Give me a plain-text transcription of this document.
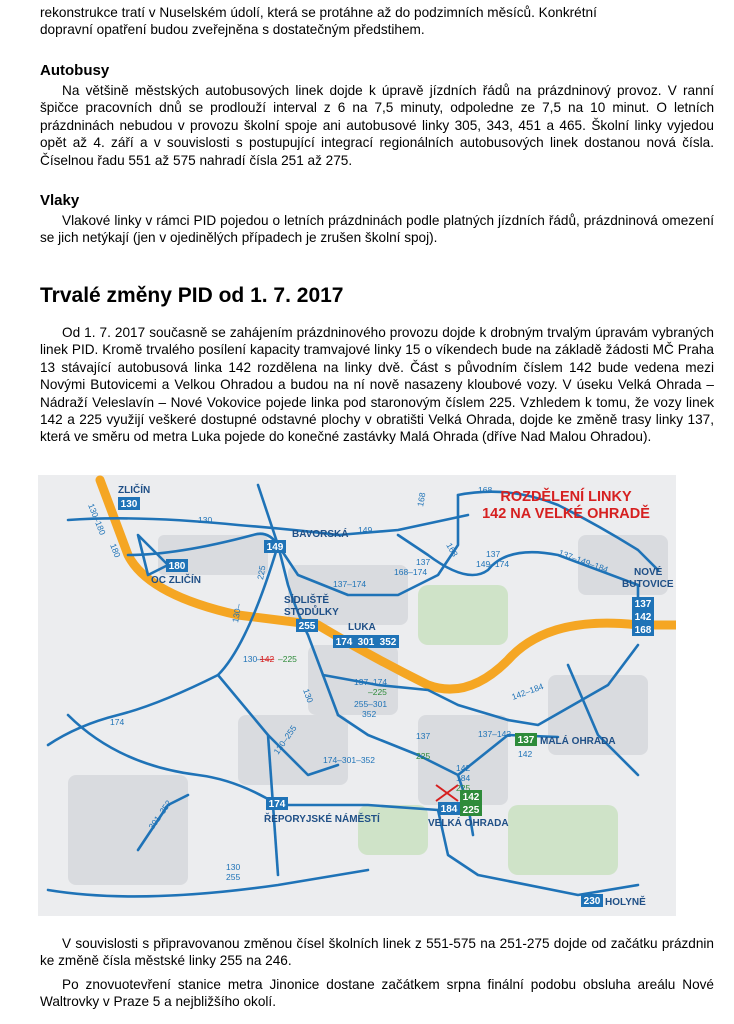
rekonstrukce tratí v Nuselském údolí, která se protáhne až do podzimních měsíců. Konkrétní
dopravní opatření budou zveřejněna s dostatečným předstihem.
Autobusy

Na většině městských autobusových linek dojde k úpravě jízdních řádů na prázdninový provoz. V ranní špičce pracovních dnů se prodlouží interval z 6 na 7,5 minuty, odpoledne ze 7,5 na 10 minut. O letních prázdninách nebudou v provozu školní spoje ani autobusové linky 305, 343, 451 a 465. Školní linky vyjedou opět až 4. září a v souvislosti s postupující integrací regionálních autobusových linek dostanou nová čísla. Číselnou řadu 551 až 575 nahradí čísla 251 až 275.

Vlaky

Vlakové linky v rámci PID pojedou o letních prázdninách podle platných jízdních řádů, prázdninová omezení se jich netýkají (jen v ojedinělých případech je zrušen školní spoj).

Trvalé změny PID od 1. 7. 2017

Od 1. 7. 2017 současně se zahájením prázdninového provozu dojde k drobným trvalým úpravám vybraných linek PID. Kromě trvalého posílení kapacity tramvajové linky 15 o víkendech bude na základě žádosti MČ Praha 13 stávající autobusová linka 142 rozdělena na linky dvě. Část s původním číslem 142 bude vedena mezi Novými Butovicemi a Velkou Ohradou a budou na ní nově nasazeny kloubové vozy. V úseku Velká Ohrada – Nádraží Veleslavín – Nové Vokovice pojede linka pod staronovým číslem 225. Vzhledem k tomu, že vozy linek 142 a 225 využijí veškeré dostupné odstavné plochy v obratišti Velká Ohrada, dojde ke změně trasy linky 137, která ve směru od metra Luka pojede do konečné zastávky Malá Ohrada (dříve Nad Malou Ohradou).

ROZDĚLENÍ LINKY
142 NA VELKÉ OHRADĚ
130
149
180
255
174 301 352
137
142
168
137
174	184
142
225
230
ZLIČÍN
BAVORSKÁ
OC ZLIČÍN
SÍDLIŠTĚ
STODŮLKY
LUKA
NOVÉ
BUTOVICE
MALÁ OHRADA
ŘEPORYJSKÉ NÁMĚSTÍ	VELKÁ OHRADA
HOLYNĚ
130–180
180
130
149
168
168
168	137
149–174	137–149–184
168–174
137–174
137
130–
225
130– –225
130–255
174
174–301–352
137–174
–225
255–301
352
137
225
137–142
142
142
184
225
142–184
301–352
130
255
130
142

V souvislosti s připravovanou změnou čísel školních linek z 551-575 na 251-275 dojde od začátku prázdnin ke změně čísla městské linky 255 na 246.

Po znovuotevření stanice metra Jinonice dostane začátkem srpna finální podobu obsluha areálu Nové Waltrovky v Praze 5 a nejbližšího okolí.
